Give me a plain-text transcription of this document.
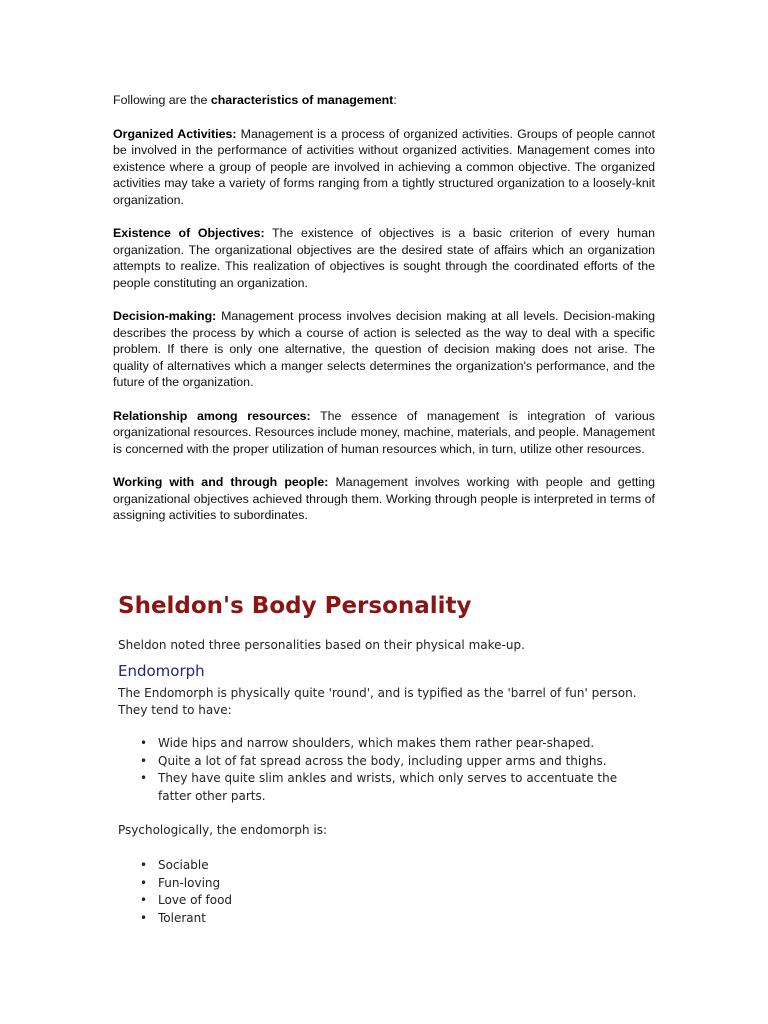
Following are the characteristics of management:

Organized Activities: Management is a process of organized activities. Groups of people cannot be involved in the performance of activities without organized activities. Management comes into existence where a group of people are involved in achieving a common objective. The organized activities may take a variety of forms ranging from a tightly structured organization to a loosely-knit organization.

Existence of Objectives: The existence of objectives is a basic criterion of every human organization. The organizational objectives are the desired state of affairs which an organization attempts to realize. This realization of objectives is sought through the coordinated efforts of the people constituting an organization.

Decision-making: Management process involves decision making at all levels. Decision-making describes the process by which a course of action is selected as the way to deal with a specific problem. If there is only one alternative, the question of decision making does not arise. The quality of alternatives which a manger selects determines the organization's performance, and the future of the organization.

Relationship among resources: The essence of management is integration of various organizational resources. Resources include money, machine, materials, and people. Management is concerned with the proper utilization of human resources which, in turn, utilize other resources.

Working with and through people: Management involves working with people and getting organizational objectives achieved through them. Working through people is interpreted in terms of assigning activities to subordinates.

Sheldon's Body Personality

Sheldon noted three personalities based on their physical make-up.

Endomorph

The Endomorph is physically quite 'round', and is typified as the 'barrel of fun' person. They tend to have:

• Wide hips and narrow shoulders, which makes them rather pear-shaped.
• Quite a lot of fat spread across the body, including upper arms and thighs.
• They have quite slim ankles and wrists, which only serves to accentuate the fatter other parts.

Psychologically, the endomorph is:

• Sociable
• Fun-loving
• Love of food
• Tolerant
